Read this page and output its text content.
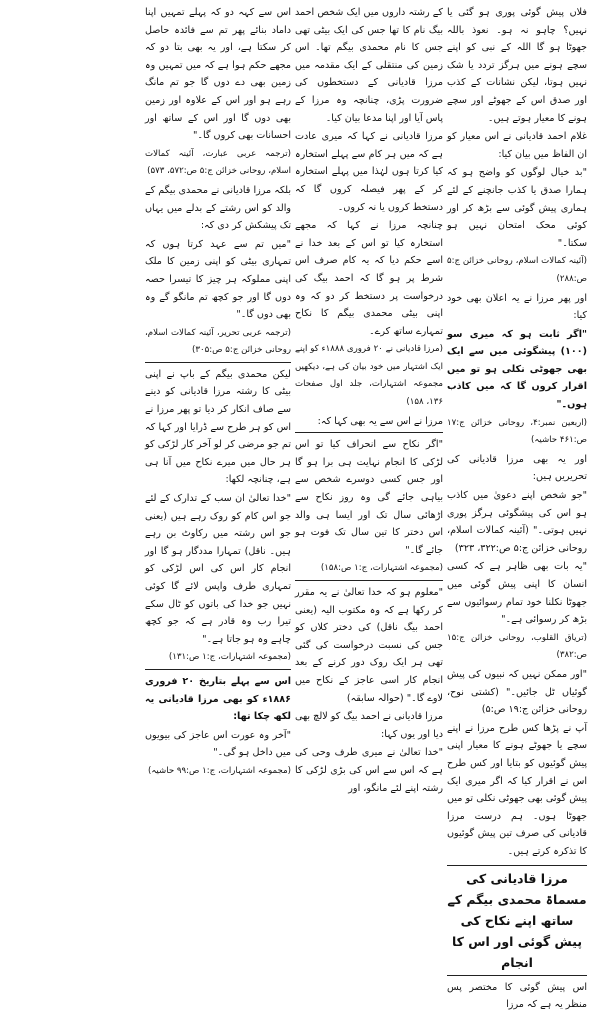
فلاں پیش گوئی پوری ہو گئی یا نہیں؟ چاہو نہ ہو۔ نعوذ باللہ جھوٹا ہو گا اللہ کے نبی کو اپنے سچے ہونے میں ہرگز تردد یا شک نہیں ہوتا، لیکن نشانات کے کذب اور صدق اس کے جھوٹے اور سچے ہونے کا معیار ہوتے ہیں۔

غلام احمد قادیانی نے اس معیار کو ان الفاظ میں بیان کیا:

"بد خیال لوگوں کو واضح ہو کہ ہمارا صدق یا کذب جانچنے کے لئے ہماری پیش گوئی سے بڑھ کر اور کوئی محک امتحان نہیں ہو سکتا۔"

(آئینہ کمالات اسلام، روحانی خزائن ج:۵ ص:۲۸۸)

اور پھر مرزا نے یہ اعلان بھی خود کیا:

"اگر ثابت ہو کہ میری سو (۱۰۰) پیشگوئی میں سے ایک بھی جھوٹی نکلی ہو تو میں اقرار کروں گا کہ میں کاذب ہوں۔"

(اربعین نمبر:۴، روحانی خزائن ج:۱۷ ص:۴۶۱ حاشیہ)

اور یہ بھی مرزا قادیانی کی تحریریں ہیں:

"جو شخص اپنے دعویٰ میں کاذب ہو اس کی پیشگوئی ہرگز پوری نہیں ہوتی۔" (آئینہ کمالات اسلام، روحانی خزائن ج:۵ ص:۳۲۲، ۳۲۳)

"یہ بات بھی ظاہر ہے کہ کسی انسان کا اپنی پیش گوئی میں جھوٹا نکلنا خود تمام رسوائیوں سے بڑھ کر رسوائی ہے۔"

(تریاق القلوب، روحانی خزائن ج:۱۵ ص:۳۸۲)

"اور ممکن نہیں کہ نبیوں کی پیش گوئیاں ٹل جائیں۔" (کشتی نوح، روحانی خزائن ج:۱۹ ص:۵)

آپ نے پڑھا کس طرح مرزا نے اپنے سچے یا جھوٹے ہونے کا معیار اپنی پیش گوئیوں کو بتایا اور کس طرح اس نے اقرار کیا کہ اگر میری ایک پیش گوئی بھی جھوٹی نکلی تو میں جھوٹا ہوں۔ ہم درست مرزا قادیانی کی صرف تین پیش گوئیوں کا تذکرہ کرتے ہیں۔

مرزا قادیانی کی مسماۃ محمدی بیگم کے ساتھ اپنے نکاح کی پیش گوئی اور اس کا انجام

اس پیش گوئی کا مختصر پس منظر یہ ہے کہ مرزا

کے رشتہ داروں میں ایک شخص احمد بیگ نام کا تھا جس کی ایک بیٹی تھی جس کا نام محمدی بیگم تھا۔ اس زمین کی منتقلی کے ایک مقدمہ میں مرزا قادیانی کے دستخطوں کی ضرورت پڑی، چنانچہ وہ مرزا کے پاس آیا اور اپنا مدعا بیان کیا۔

مرزا قادیانی نے کہا کہ میری عادت ہے کہ میں ہر کام سے پہلے استخارہ کیا کرتا ہوں لہٰذا میں پہلے استخارہ کر کے پھر فیصلہ کروں گا کہ دستخط کروں یا نہ کروں۔

چنانچہ مرزا نے کہا کہ مجھے استخارہ کیا تو اس کے بعد خدا نے اسے حکم دیا کہ یہ کام صرف اس شرط پر ہو گا کہ احمد بیگ کی درخواست پر دستخط کر دو کہ وہ اپنی بیٹی محمدی بیگم کا نکاح تمہارے ساتھ کرے۔

(مرزا قادیانی نے ۲۰ فروری ۱۸۸۸ء کو اپنے ایک اشتہار میں خود بیان کی ہے، دیکھیں مجموعہ اشتہارات، جلد اول صفحات ۱۳۶، ۱۵۸)

مرزا نے اس سے یہ بھی کہا کہ:

"اگر نکاح سے انحراف کیا تو اس لڑکی کا انجام نہایت ہی برا ہو گا اور جس کسی دوسرے شخص سے بیاہی جائے گی وہ روز نکاح سے اڑھائی سال تک اور ایسا ہی والد اس دختر کا تین سال تک فوت ہو جائے گا۔"

(مجموعہ اشتہارات، ج:۱ ص:۱۵۸)

"معلوم ہو کہ خدا تعالیٰ نے یہ مقرر کر رکھا ہے کہ وہ مکتوب الیہ (یعنی احمد بیگ ناقل) کی دختر کلاں کو جس کی نسبت درخواست کی گئی تھی ہر ایک روک دور کرنے کے بعد انجام کار اسی عاجز کے نکاح میں لاوے گا۔" (حوالہ سابقہ)

مرزا قادیانی نے احمد بیگ کو لالچ بھی دیا اور یوں کہا:

"خدا تعالیٰ نے میری طرف وحی کی ہے کہ اس سے اس کی بڑی لڑکی کا رشتہ اپنے لئے مانگو، اور

اس سے کہہ دو کہ پہلے تمہیں اپنا داماد بنائے پھر تم سے فائدہ حاصل کر سکتا ہے، اور یہ بھی بتا دو کہ مجھے حکم ہوا ہے کہ میں تمہیں وہ زمین بھی دے دوں گا جو تم مانگ رہے ہو اور اس کے علاوہ اور زمین بھی دوں گا اور اس کے ساتھ اور احسانات بھی کروں گا۔"

(ترجمہ عربی عبارت، آئینہ کمالات اسلام، روحانی خزائن ج:۵ ص:۵۷۲، ۵۷۳)

بلکہ مرزا قادیانی نے محمدی بیگم کے والد کو اس رشتے کے بدلے میں یہاں تک پیشکش کر دی کہ:

"میں تم سے عہد کرتا ہوں کہ تمہاری بیٹی کو اپنی زمین کا ملک اپنی مملوکہ ہر چیز کا تیسرا حصہ دوں گا اور جو کچھ تم مانگو گے وہ بھی دوں گا۔"

(ترجمہ عربی تحریر، آئینہ کمالات اسلام، روحانی خزائن ج:۵ ص:۳۰۵)

لیکن محمدی بیگم کے باپ نے اپنی بیٹی کا رشتہ مرزا قادیانی کو دینے سے صاف انکار کر دیا تو پھر مرزا نے اس کو ہر طرح سے ڈرایا اور کہا کہ تم جو مرضی کر لو آخر کار لڑکی کو ہر حال میں میرے نکاح میں آنا ہی ہے، چنانچہ لکھا:

"خدا تعالیٰ ان سب کے تدارک کے لئے جو اس کام کو روک رہے ہیں (یعنی جو اس رشتہ میں رکاوٹ بن رہے ہیں۔ ناقل) تمہارا مددگار ہو گا اور انجام کار اس کی اس لڑکی کو تمہاری طرف واپس لائے گا کوئی نہیں جو خدا کی باتوں کو ٹال سکے تیرا رب وہ قادر ہے کہ جو کچھ چاہے وہ ہو جاتا ہے۔"

(مجموعہ اشتہارات، ج:۱ ص:۱۳۱)

اس سے پہلے بتاریخ ۲۰ فروری ۱۸۸۶ء کو بھی مرزا قادیانی یہ لکھ چکا تھا:

"آخر وہ عورت اس عاجز کی بیویوں میں داخل ہو گی۔"

(مجموعہ اشتہارات، ج:۱ ص:۹۹ حاشیہ)
